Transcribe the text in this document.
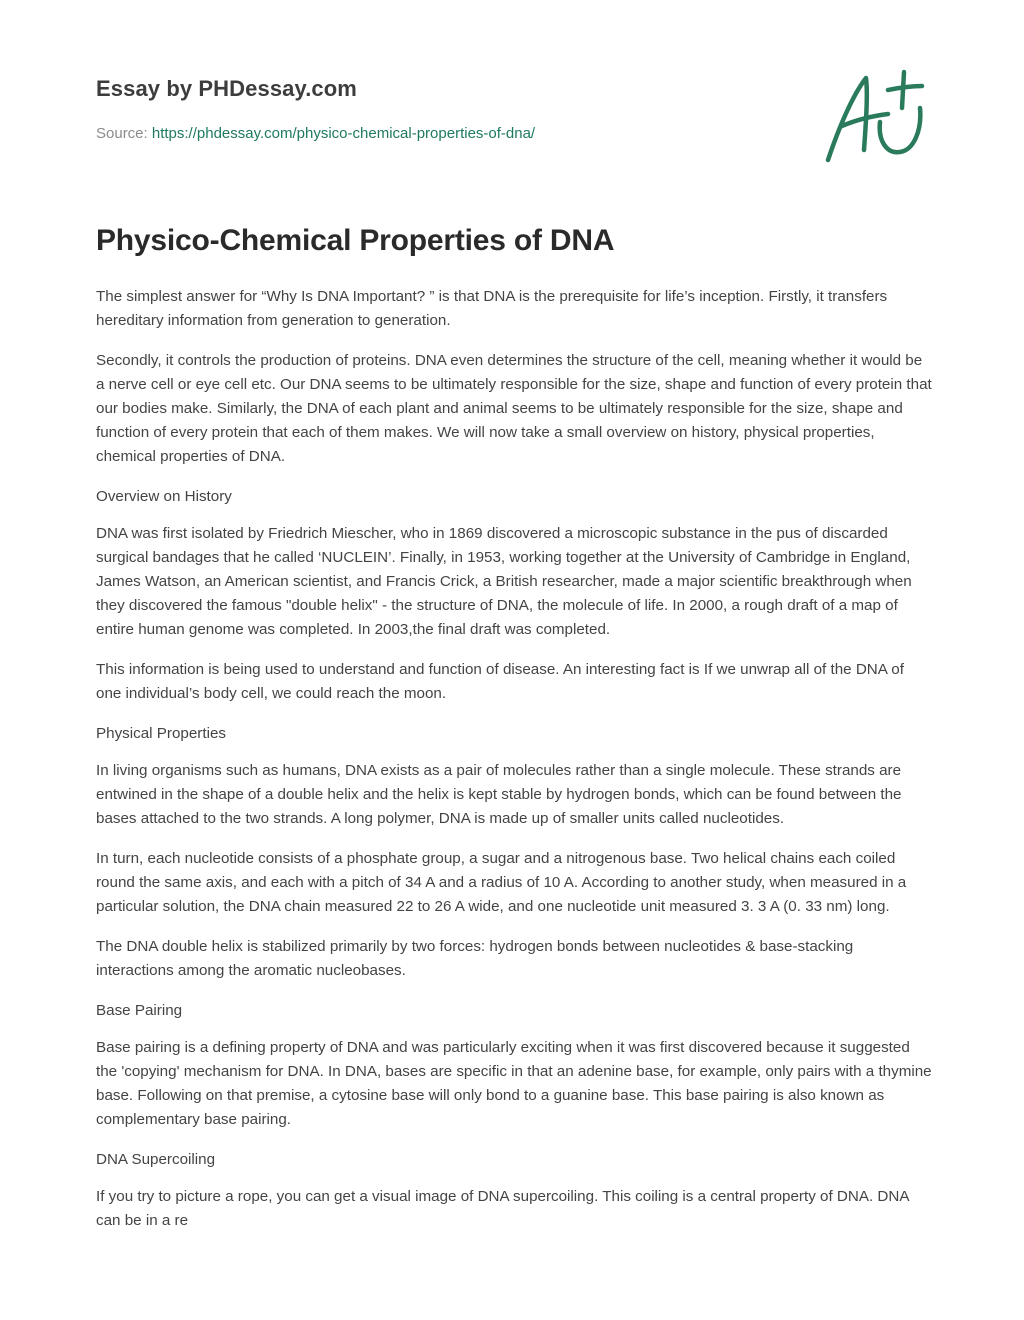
Essay by PHDessay.com
Source: https://phdessay.com/physico-chemical-properties-of-dna/
Physico-Chemical Properties of DNA

The simplest answer for “Why Is DNA Important? ” is that DNA is the prerequisite for life’s inception. Firstly, it transfers hereditary information from generation to generation.

Secondly, it controls the production of proteins. DNA even determines the structure of the cell, meaning whether it would be a nerve cell or eye cell etc. Our DNA seems to be ultimately responsible for the size, shape and function of every protein that our bodies make. Similarly, the DNA of each plant and animal seems to be ultimately responsible for the size, shape and function of every protein that each of them makes. We will now take a small overview on history, physical properties, chemical properties of DNA.

Overview on History

DNA was first isolated by Friedrich Miescher, who in 1869 discovered a microscopic substance in the pus of discarded surgical bandages that he called ‘NUCLEIN’. Finally, in 1953, working together at the University of Cambridge in England, James Watson, an American scientist, and Francis Crick, a British researcher, made a major scientific breakthrough when they discovered the famous "double helix" - the structure of DNA, the molecule of life. In 2000, a rough draft of a map of entire human genome was completed. In 2003,the final draft was completed.

This information is being used to understand and function of disease. An interesting fact is If we unwrap all of the DNA of one individual’s body cell, we could reach the moon.

Physical Properties

In living organisms such as humans, DNA exists as a pair of molecules rather than a single molecule. These strands are entwined in the shape of a double helix and the helix is kept stable by hydrogen bonds, which can be found between the bases attached to the two strands. A long polymer, DNA is made up of smaller units called nucleotides.

In turn, each nucleotide consists of a phosphate group, a sugar and a nitrogenous base. Two helical chains each coiled round the same axis, and each with a pitch of 34 A and a radius of 10 A. According to another study, when measured in a particular solution, the DNA chain measured 22 to 26 A wide, and one nucleotide unit measured 3. 3 A (0. 33 nm) long.

The DNA double helix is stabilized primarily by two forces: hydrogen bonds between nucleotides & base-stacking interactions among the aromatic nucleobases.

Base Pairing

Base pairing is a defining property of DNA and was particularly exciting when it was first discovered because it suggested the 'copying' mechanism for DNA. In DNA, bases are specific in that an adenine base, for example, only pairs with a thymine base. Following on that premise, a cytosine base will only bond to a guanine base. This base pairing is also known as complementary base pairing.

DNA Supercoiling

If you try to picture a rope, you can get a visual image of DNA supercoiling. This coiling is a central property of DNA. DNA can be in a re
